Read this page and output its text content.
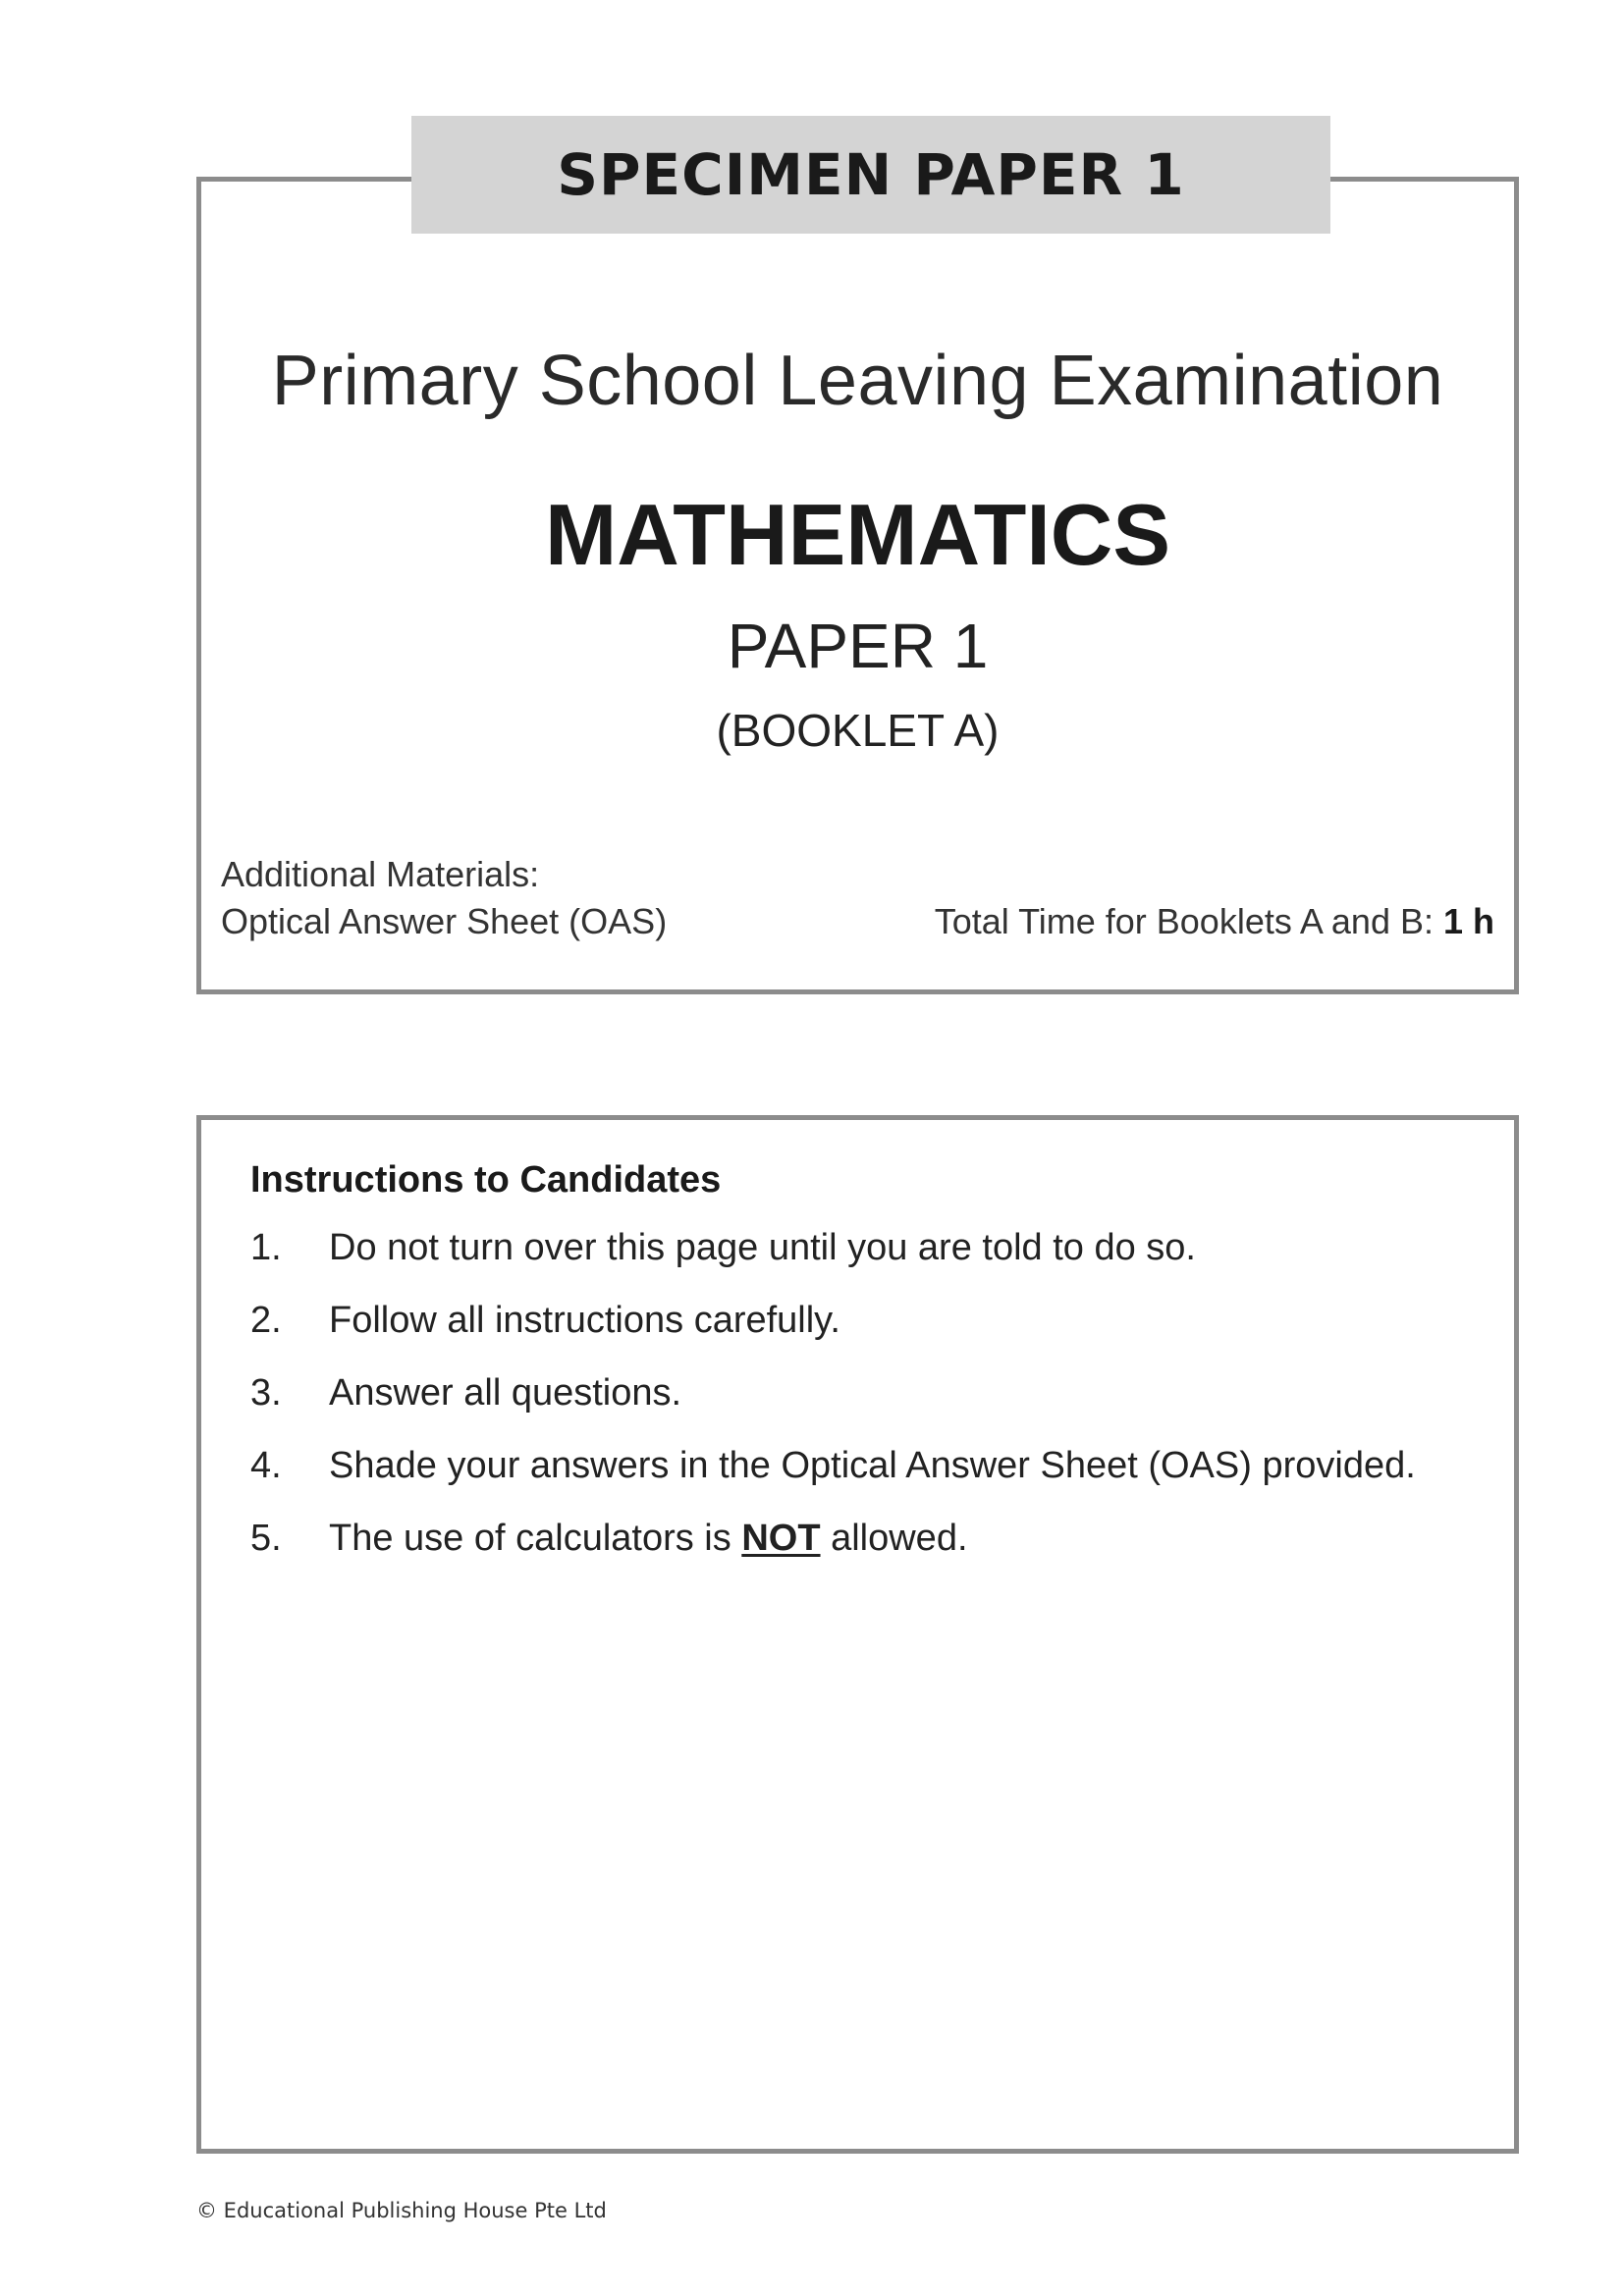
Primary School Leaving Examination
MATHEMATICS
PAPER 1
(BOOKLET A)
Additional Materials:
Optical Answer Sheet (OAS)	Total Time for Booklets A and B: 1 h
SPECIMEN PAPER 1
Instructions to Candidates
1.	Do not turn over this page until you are told to do so.
2.	Follow all instructions carefully.
3.	Answer all questions.
4.	Shade your answers in the Optical Answer Sheet (OAS) provided.
5.	The use of calculators is NOT allowed.
© Educational Publishing House Pte Ltd
